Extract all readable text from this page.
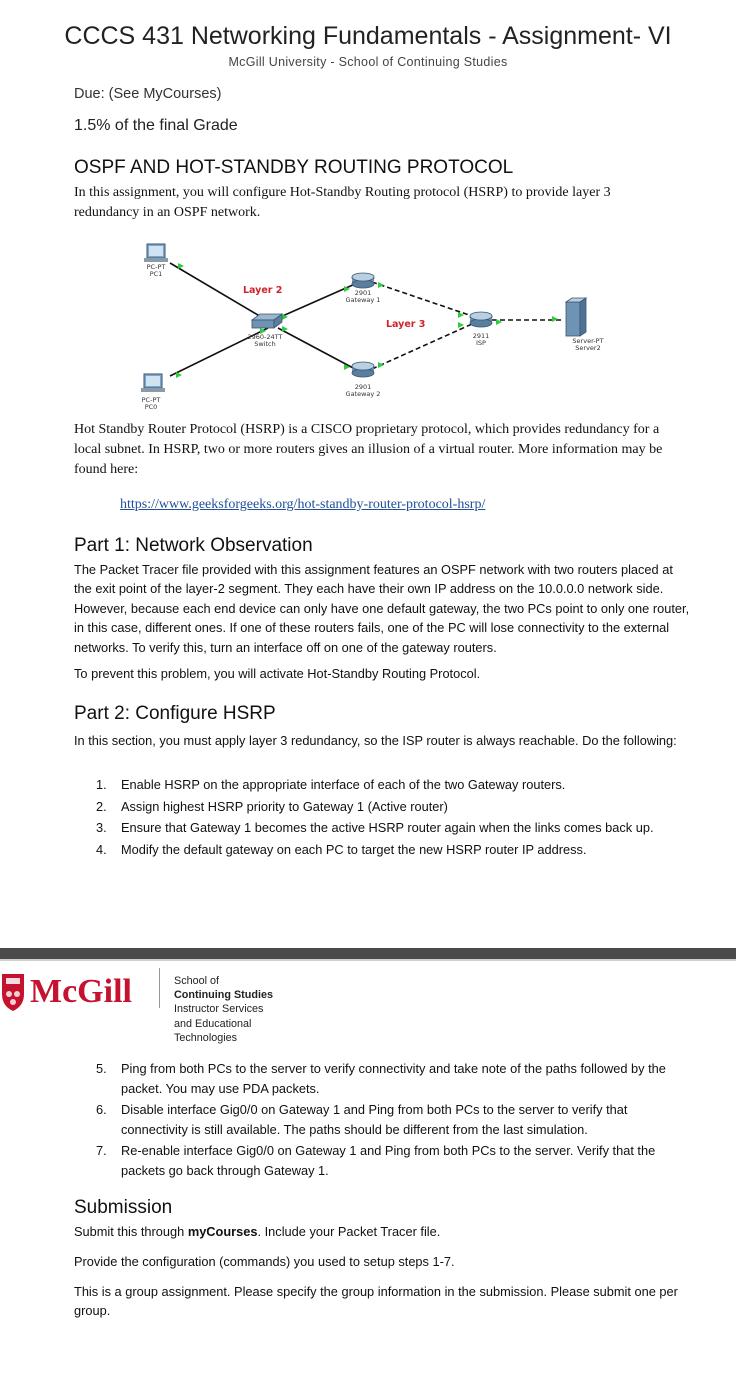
CCCS 431 Networking Fundamentals - Assignment- VI
McGill University - School of Continuing Studies
Due: (See MyCourses)
1.5% of the final Grade
OSPF AND HOT-STANDBY ROUTING PROTOCOL
In this assignment, you will configure Hot-Standby Routing protocol (HSRP) to provide layer 3 redundancy in an OSPF network.
PC-PT
PC1
PC-PT
PC0
2960-24TT
Switch
2901
Gateway 1
2901
Gateway 2
2911
ISP	Server-PT
Server2
Layer 2
Layer 3
Hot Standby Router Protocol (HSRP) is a CISCO proprietary protocol, which provides redundancy for a local subnet. In HSRP, two or more routers gives an illusion of a virtual router. More information may be found here:
https://www.geeksforgeeks.org/hot-standby-router-protocol-hsrp/
Part 1: Network Observation
The Packet Tracer file provided with this assignment features an OSPF network with two routers placed at the exit point of the layer-2 segment. They each have their own IP address on the 10.0.0.0 network side. However, because each end device can only have one default gateway, the two PCs point to only one router, in this case, different ones. If one of these routers fails, one of the PC will lose connectivity to the external networks. To verify this, turn an interface off on one of the gateway routers.
To prevent this problem, you will activate Hot-Standby Routing Protocol.
Part 2: Configure HSRP
In this section, you must apply layer 3 redundancy, so the ISP router is always reachable. Do the following:
1. Enable HSRP on the appropriate interface of each of the two Gateway routers.
2. Assign highest HSRP priority to Gateway 1 (Active router)
3. Ensure that Gateway 1 becomes the active HSRP router again when the links comes back up.
4. Modify the default gateway on each PC to target the new HSRP router IP address.
McGill	School of
Continuing Studies
Instructor Services
and Educational
Technologies
5. Ping from both PCs to the server to verify connectivity and take note of the paths followed by the packet. You may use PDA packets.
6. Disable interface Gig0/0 on Gateway 1 and Ping from both PCs to the server to verify that connectivity is still available. The paths should be different from the last simulation.
7. Re-enable interface Gig0/0 on Gateway 1 and Ping from both PCs to the server. Verify that the packets go back through Gateway 1.
Submission
Submit this through myCourses. Include your Packet Tracer file.
Provide the configuration (commands) you used to setup steps 1-7.
This is a group assignment. Please specify the group information in the submission. Please submit one per group.
